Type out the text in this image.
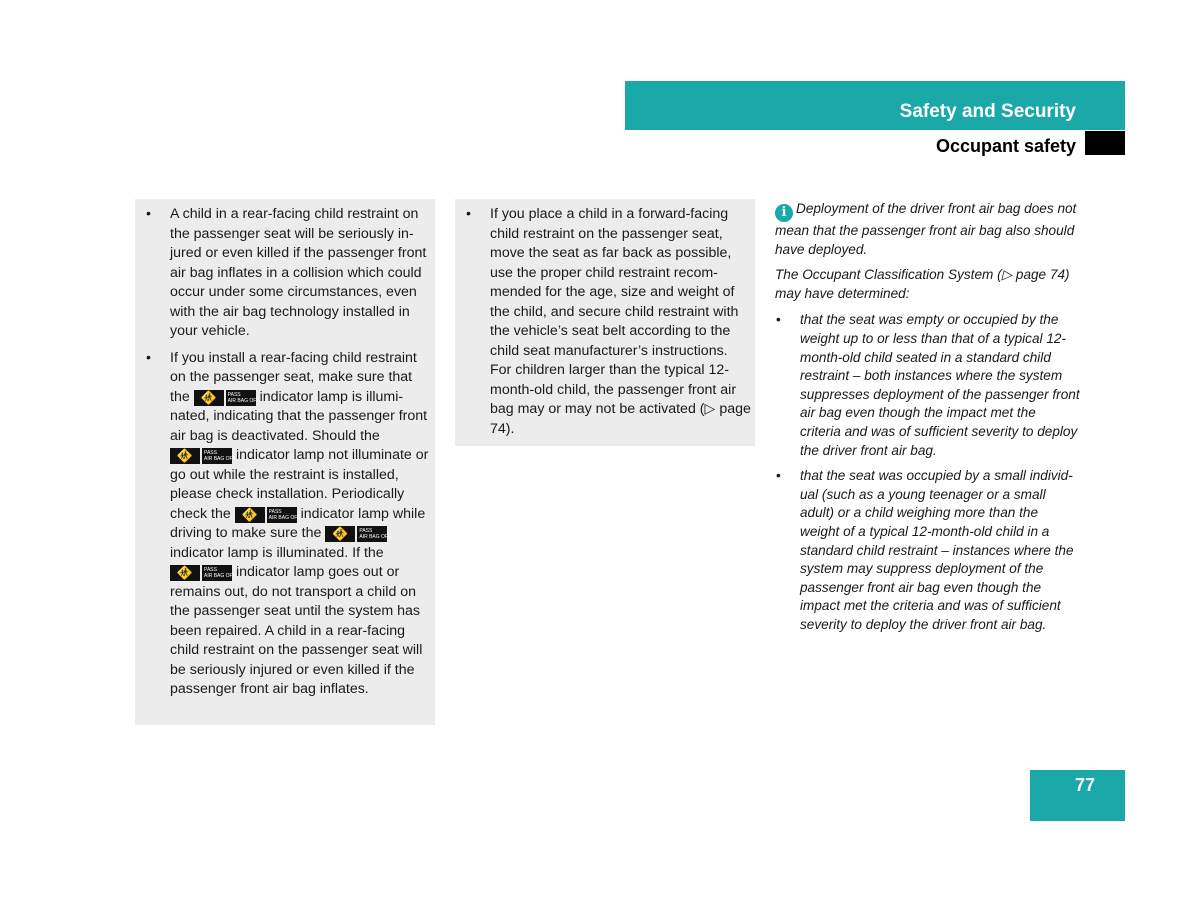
Safety and Security
Occupant safety
• A child in a rear-facing child restraint on the passenger seat will be seriously injured or even killed if the passenger front air bag inflates in a collision which could occur under some circumstances, even with the air bag technology installed in your vehicle.
• If you install a rear-facing child restraint on the passenger seat, make sure that the 🚸 PASS
AIR BAG OFF indicator lamp is illuminated, indicating that the passenger front air bag is deactivated. Should the 🚸 PASS
AIR BAG OFF indicator lamp not illuminate or go out while the restraint is installed, please check installation. Periodically check the 🚸 PASS
AIR BAG OFF indicator lamp while driving to make sure the 🚸 PASS
AIR BAG OFF indicator lamp is illuminated. If the 🚸 PASS
AIR BAG OFF indicator lamp goes out or remains out, do not transport a child on the passenger seat until the system has been repaired. A child in a rear-facing child restraint on the passenger seat will be seriously injured or even killed if the passenger front air bag inflates.
• If you place a child in a forward-facing child restraint on the passenger seat, move the seat as far back as possible, use the proper child restraint recommended for the age, size and weight of the child, and secure child restraint with the vehicle’s seat belt according to the child seat manufacturer’s instructions. For children larger than the typical 12-month-old child, the passenger front air bag may or may not be activated (▷ page 74).

i Deployment of the driver front air bag does not mean that the passenger front air bag also should have deployed.

The Occupant Classification System (▷ page 74) may have determined:

• that the seat was empty or occupied by the weight up to or less than that of a typical 12-month-old child seated in a standard child restraint – both instances where the system suppresses deployment of the passenger front air bag even though the impact met the criteria and was of sufficient severity to deploy the driver front air bag.
• that the seat was occupied by a small individual (such as a young teenager or a small adult) or a child weighing more than the weight of a typical 12-month-old child in a standard child restraint – instances where the system may suppress deployment of the passenger front air bag even though the impact met the criteria and was of sufficient severity to deploy the driver front air bag.
77
